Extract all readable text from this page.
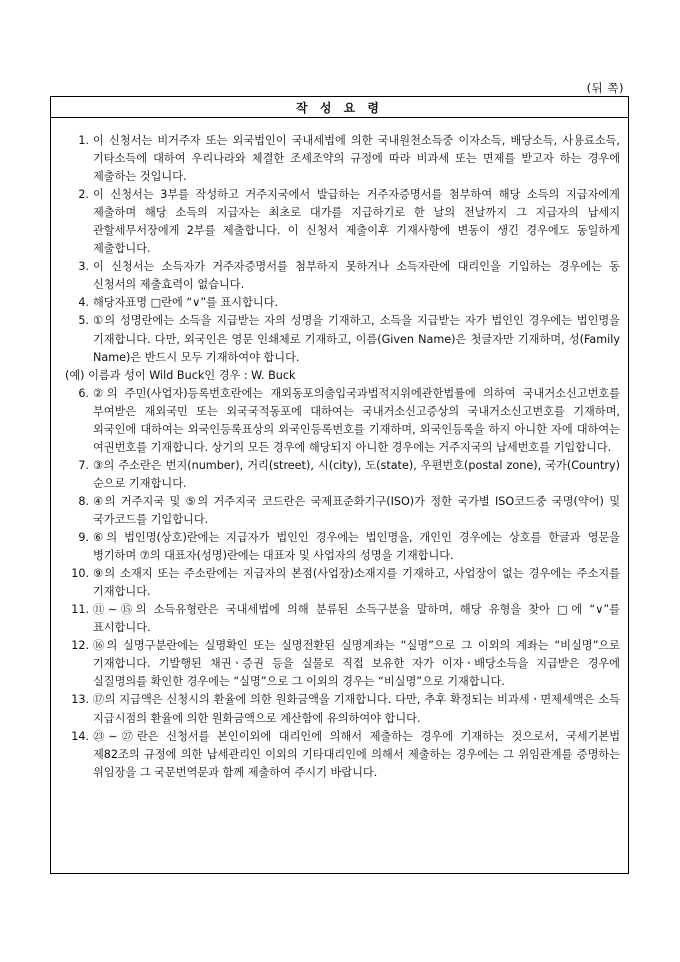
(뒤 쪽)
작 성 요 령
1. 이 신청서는 비거주자 또는 외국법인이 국내세법에 의한 국내원천소득중 이자소득, 배당소득, 사용료소득, 기타소득에 대하여 우리나라와 체결한 조세조약의 규정에 따라 비과세 또는 면제를 받고자 하는 경우에 제출하는 것입니다.
2. 이 신청서는 3부를 작성하고 거주지국에서 발급하는 거주자증명서를 첨부하여 해당 소득의 지급자에게 제출하며 해당 소득의 지급자는 최초로 대가를 지급하기로 한 날의 전날까지 그 지급자의 납세지 관할세무서장에게 2부를 제출합니다. 이 신청서 제출이후 기재사항에 변동이 생긴 경우에도 동일하게 제출합니다.
3. 이 신청서는 소득자가 거주자증명서를 첨부하지 못하거나 소득자란에 대리인을 기입하는 경우에는 동 신청서의 제출효력이 없습니다.
4. 해당자표명 □란에 “∨”를 표시합니다.
5. ①의 성명란에는 소득을 지급받는 자의 성명을 기재하고, 소득을 지급받는 자가 법인인 경우에는 법인명을 기재합니다. 다만, 외국인은 영문 인쇄체로 기재하고, 이름(Given Name)은 첫글자만 기재하며, 성(Family Name)은 반드시 모두 기재하여야 합니다.
(예) 이름과 성이 Wild Buck인 경우 : W. Buck
6. ②의 주민(사업자)등록번호란에는 재외동포의출입국과법적지위에관한법률에 의하여 국내거소신고번호를 부여받은 재외국민 또는 외국국적동포에 대하여는 국내거소신고증상의 국내거소신고번호를 기재하며, 외국인에 대하여는 외국인등록표상의 외국인등록번호를 기재하며, 외국인등록을 하지 아니한 자에 대하여는 여권번호를 기재합니다. 상기의 모든 경우에 해당되지 아니한 경우에는 거주지국의 납세번호를 기입합니다.
7. ③의 주소란은 번지(number), 거리(street), 시(city), 도(state), 우편번호(postal zone), 국가(Country) 순으로 기재합니다.
8. ④의 거주지국 및 ⑤의 거주지국 코드란은 국제표준화기구(ISO)가 정한 국가별 ISO코드중 국명(약어) 및 국가코드를 기입합니다.
9. ⑥의 법인명(상호)란에는 지급자가 법인인 경우에는 법인명을, 개인인 경우에는 상호를 한글과 영문을 병기하며 ⑦의 대표자(성명)란에는 대표자 및 사업자의 성명을 기재합니다.
10. ⑨의 소재지 또는 주소란에는 지급자의 본점(사업장)소재지를 기재하고, 사업장이 없는 경우에는 주소지를 기재합니다.
11. ⑪∼⑮의 소득유형란은 국내세법에 의해 분류된 소득구분을 말하며, 해당 유형을 찾아 □에 “∨”를 표시합니다.
12. ⑯의 실명구분란에는 실명확인 또는 실명전환된 실명계좌는 “실명”으로 그 이외의 계좌는 “비실명”으로 기재합니다. 기발행된 채권ㆍ증권 등을 실물로 직접 보유한 자가 이자ㆍ배당소득을 지급받은 경우에 실질명의를 확인한 경우에는 “실명”으로 그 이외의 경우는 “비실명”으로 기재합니다.
13. ⑰의 지급액은 신청시의 환율에 의한 원화금액을 기재합니다. 다만, 추후 확정되는 비과세ㆍ면제세액은 소득 지급시점의 환율에 의한 원화금액으로 계산함에 유의하여야 합니다.
14. ㉓∼㉗란은 신청서를 본인이외에 대리인에 의해서 제출하는 경우에 기재하는 것으로서, 국세기본법 제82조의 규정에 의한 납세관리인 이외의 기타대리인에 의해서 제출하는 경우에는 그 위임관계를 증명하는 위임장을 그 국문번역문과 함께 제출하여 주시기 바랍니다.
